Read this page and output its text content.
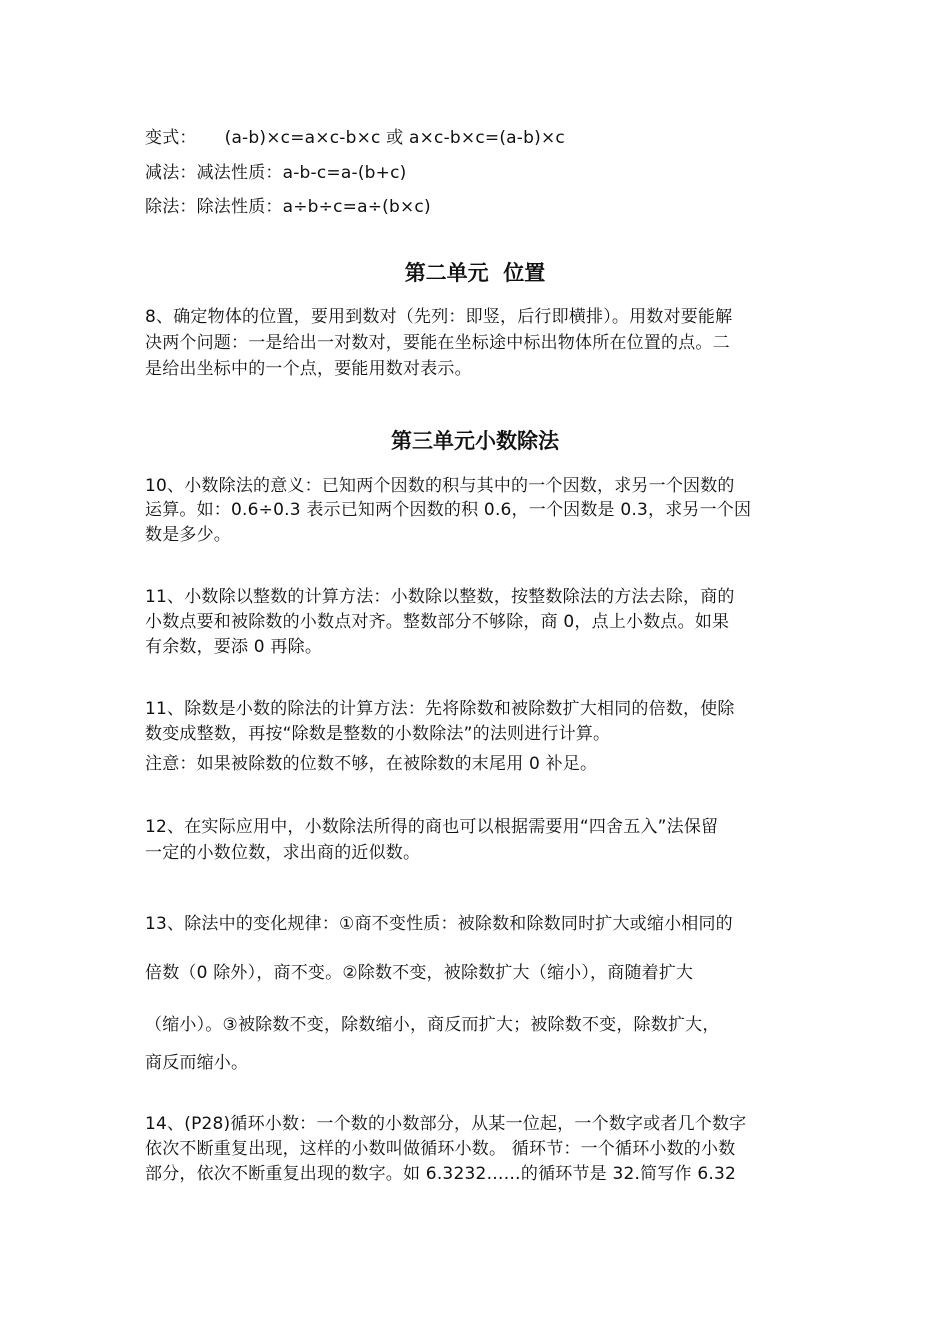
变式： (a-b)×c=a×c-b×c 或 a×c-b×c=(a-b)×c
减法：减法性质：a-b-c=a-(b+c)
除法：除法性质：a÷b÷c=a÷(b×c)
第二单元  位置
8、确定物体的位置，要用到数对（先列：即竖，后行即横排）。用数对要能解
决两个问题：一是给出一对数对，要能在坐标途中标出物体所在位置的点。二
是给出坐标中的一个点，要能用数对表示。
第三单元小数除法
10、小数除法的意义：已知两个因数的积与其中的一个因数，求另一个因数的
运算。如：0.6÷0.3 表示已知两个因数的积 0.6，一个因数是 0.3，求另一个因
数是多少。
11、小数除以整数的计算方法：小数除以整数，按整数除法的方法去除，商的
小数点要和被除数的小数点对齐。整数部分不够除，商 0，点上小数点。如果
有余数，要添 0 再除。
11、除数是小数的除法的计算方法：先将除数和被除数扩大相同的倍数，使除
数变成整数，再按“除数是整数的小数除法”的法则进行计算。
注意：如果被除数的位数不够，在被除数的末尾用 0 补足。
12、在实际应用中，小数除法所得的商也可以根据需要用“四舍五入”法保留
一定的小数位数，求出商的近似数。
13、除法中的变化规律：①商不变性质：被除数和除数同时扩大或缩小相同的
倍数（0 除外），商不变。②除数不变，被除数扩大（缩小），商随着扩大
（缩小）。③被除数不变，除数缩小，商反而扩大；被除数不变，除数扩大，
商反而缩小。
14、(P28)循环小数：一个数的小数部分，从某一位起，一个数字或者几个数字
依次不断重复出现，这样的小数叫做循环小数。 循环节：一个循环小数的小数
部分，依次不断重复出现的数字。如 6.3232……的循环节是 32.简写作 6.32
